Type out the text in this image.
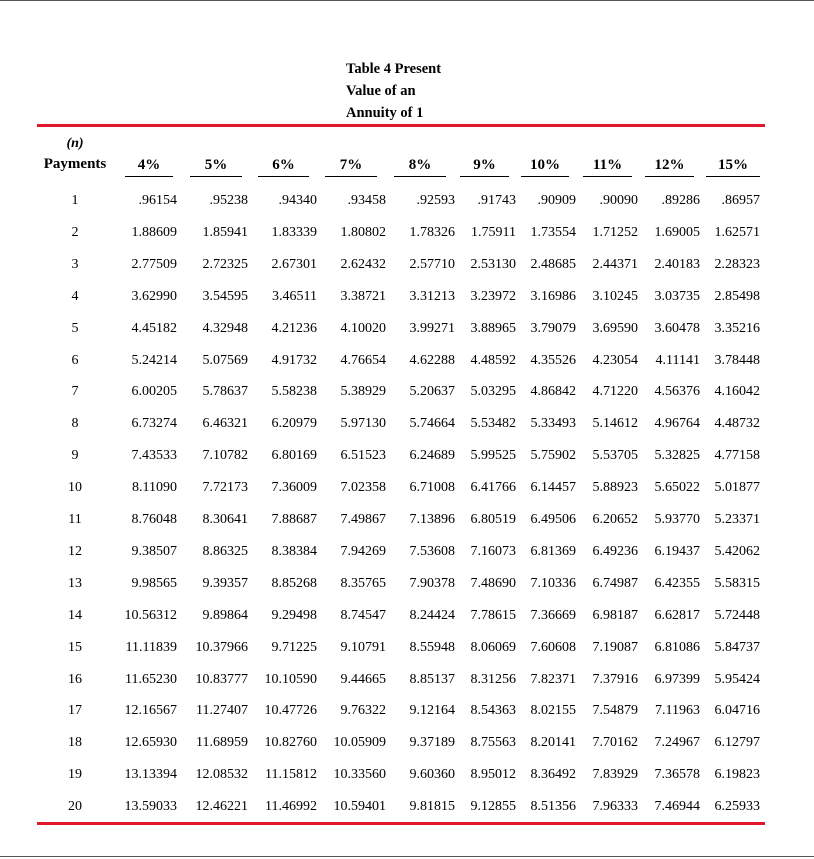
Table 4 Present
Value of an
Annuity of 1
(n)
Payments	4%	5%	6%	7%	8%	9%	10%	11%	12%	15%
1	.96154	.95238	.94340	.93458	.92593	.91743	.90909	.90090	.89286	.86957
2	1.88609	1.85941	1.83339	1.80802	1.78326	1.75911	1.73554	1.71252	1.69005	1.62571
3	2.77509	2.72325	2.67301	2.62432	2.57710	2.53130	2.48685	2.44371	2.40183	2.28323
4	3.62990	3.54595	3.46511	3.38721	3.31213	3.23972	3.16986	3.10245	3.03735	2.85498
5	4.45182	4.32948	4.21236	4.10020	3.99271	3.88965	3.79079	3.69590	3.60478	3.35216
6	5.24214	5.07569	4.91732	4.76654	4.62288	4.48592	4.35526	4.23054	4.11141	3.78448
7	6.00205	5.78637	5.58238	5.38929	5.20637	5.03295	4.86842	4.71220	4.56376	4.16042
8	6.73274	6.46321	6.20979	5.97130	5.74664	5.53482	5.33493	5.14612	4.96764	4.48732
9	7.43533	7.10782	6.80169	6.51523	6.24689	5.99525	5.75902	5.53705	5.32825	4.77158
10	8.11090	7.72173	7.36009	7.02358	6.71008	6.41766	6.14457	5.88923	5.65022	5.01877
11	8.76048	8.30641	7.88687	7.49867	7.13896	6.80519	6.49506	6.20652	5.93770	5.23371
12	9.38507	8.86325	8.38384	7.94269	7.53608	7.16073	6.81369	6.49236	6.19437	5.42062
13	9.98565	9.39357	8.85268	8.35765	7.90378	7.48690	7.10336	6.74987	6.42355	5.58315
14	10.56312	9.89864	9.29498	8.74547	8.24424	7.78615	7.36669	6.98187	6.62817	5.72448
15	11.11839	10.37966	9.71225	9.10791	8.55948	8.06069	7.60608	7.19087	6.81086	5.84737
16	11.65230	10.83777	10.10590	9.44665	8.85137	8.31256	7.82371	7.37916	6.97399	5.95424
17	12.16567	11.27407	10.47726	9.76322	9.12164	8.54363	8.02155	7.54879	7.11963	6.04716
18	12.65930	11.68959	10.82760	10.05909	9.37189	8.75563	8.20141	7.70162	7.24967	6.12797
19	13.13394	12.08532	11.15812	10.33560	9.60360	8.95012	8.36492	7.83929	7.36578	6.19823
20	13.59033	12.46221	11.46992	10.59401	9.81815	9.12855	8.51356	7.96333	7.46944	6.25933
